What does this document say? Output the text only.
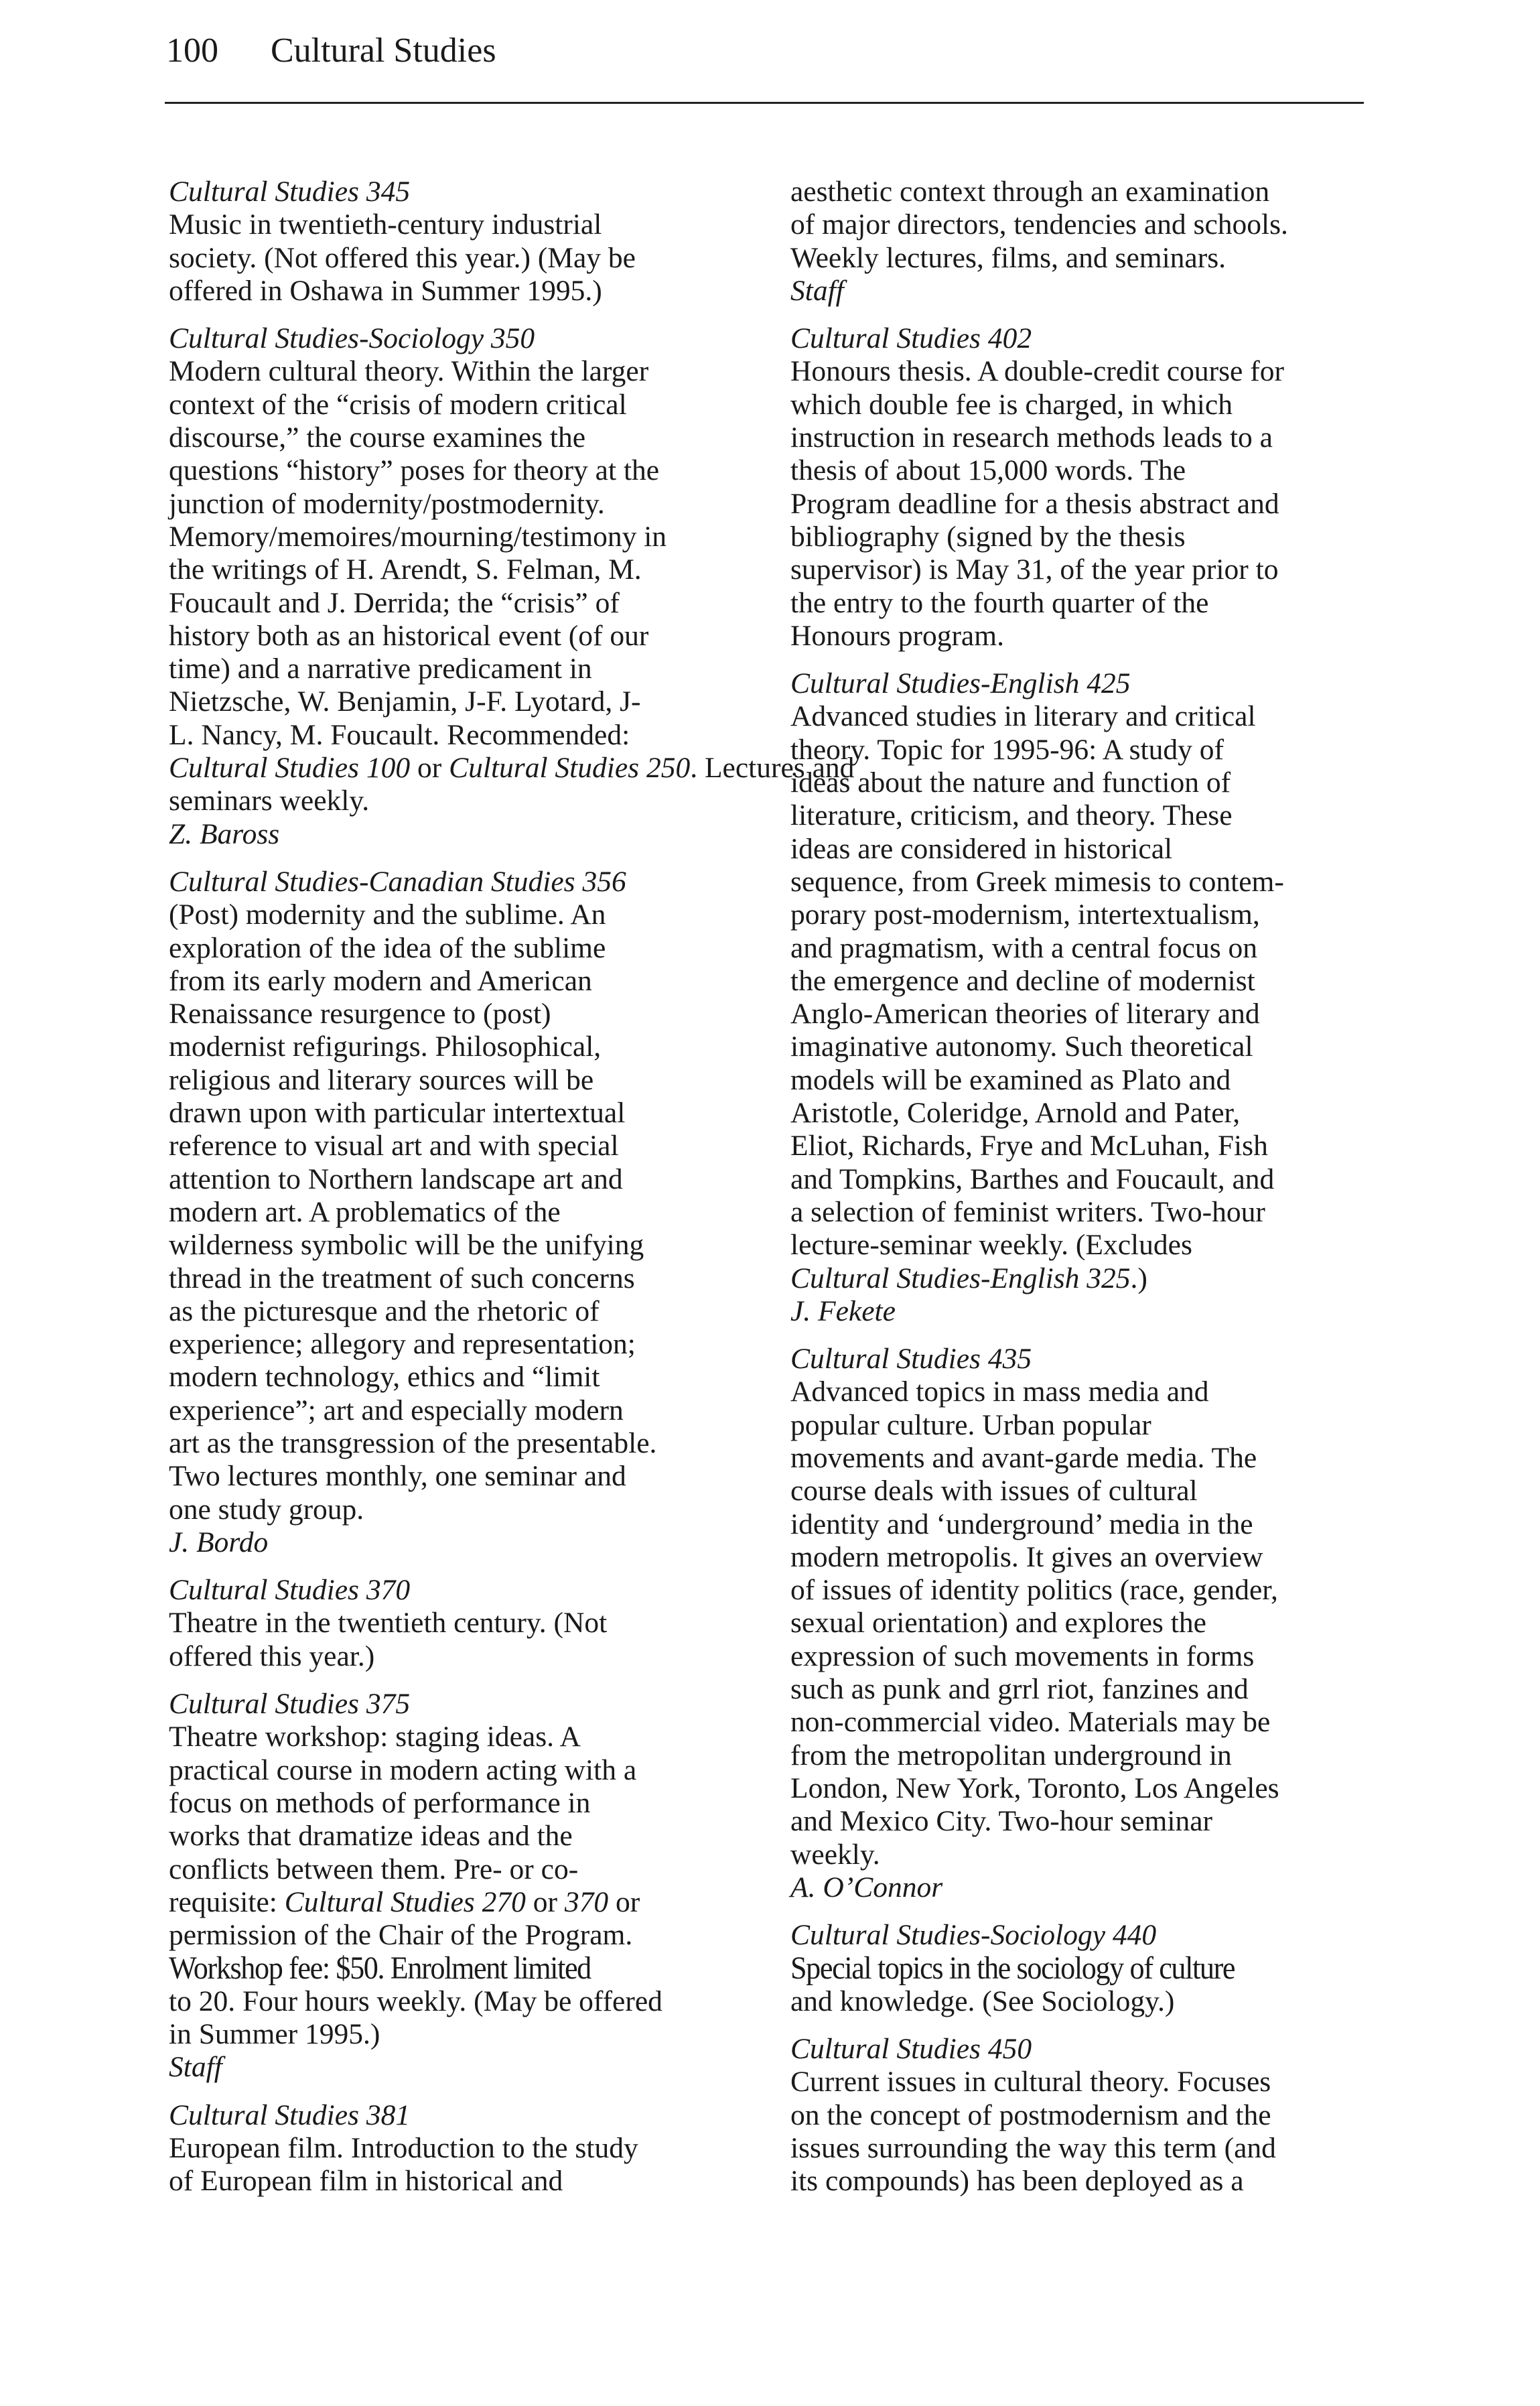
100 Cultural Studies

Cultural Studies 345

Music in twentieth-century industrial
society. (Not offered this year.) (May be
offered in Oshawa in Summer 1995.)

Cultural Studies-Sociology 350

Modern cultural theory. Within the larger
context of the “crisis of modern critical
discourse,” the course examines the
questions “history” poses for theory at the
junction of modernity/postmodernity.
Memory/memoires/mourning/testimony in
the writings of H. Arendt, S. Felman, M.
Foucault and J. Derrida; the “crisis” of
history both as an historical event (of our
time) and a narrative predicament in
Nietzsche, W. Benjamin, J-F. Lyotard, J-
L. Nancy, M. Foucault. Recommended:
Cultural Studies 100 or Cultural Studies 250. Lectures and
seminars weekly.

Z. Baross

Cultural Studies-Canadian Studies 356

(Post) modernity and the sublime. An
exploration of the idea of the sublime
from its early modern and American
Renaissance resurgence to (post)
modernist refigurings. Philosophical,
religious and literary sources will be
drawn upon with particular intertextual
reference to visual art and with special
attention to Northern landscape art and
modern art. A problematics of the
wilderness symbolic will be the unifying
thread in the treatment of such concerns
as the picturesque and the rhetoric of
experience; allegory and representation;
modern technology, ethics and “limit
experience”; art and especially modern
art as the transgression of the presentable.
Two lectures monthly, one seminar and
one study group.

J. Bordo

Cultural Studies 370

Theatre in the twentieth century. (Not
offered this year.)

Cultural Studies 375

Theatre workshop: staging ideas. A
practical course in modern acting with a
focus on methods of performance in
works that dramatize ideas and the
conflicts between them. Pre- or co-
requisite: Cultural Studies 270 or 370 or
permission of the Chair of the Program.
Workshop fee: $50. Enrolment limited
to 20. Four hours weekly. (May be offered
in Summer 1995.)

Staff

Cultural Studies 381

European film. Introduction to the study
of European film in historical and

aesthetic context through an examination
of major directors, tendencies and schools.
Weekly lectures, films, and seminars.

Staff

Cultural Studies 402

Honours thesis. A double-credit course for
which double fee is charged, in which
instruction in research methods leads to a
thesis of about 15,000 words. The
Program deadline for a thesis abstract and
bibliography (signed by the thesis
supervisor) is May 31, of the year prior to
the entry to the fourth quarter of the
Honours program.

Cultural Studies-English 425

Advanced studies in literary and critical
theory. Topic for 1995-96: A study of
ideas about the nature and function of
literature, criticism, and theory. These
ideas are considered in historical
sequence, from Greek mimesis to contem-
porary post-modernism, intertextualism,
and pragmatism, with a central focus on
the emergence and decline of modernist
Anglo-American theories of literary and
imaginative autonomy. Such theoretical
models will be examined as Plato and
Aristotle, Coleridge, Arnold and Pater,
Eliot, Richards, Frye and McLuhan, Fish
and Tompkins, Barthes and Foucault, and
a selection of feminist writers. Two-hour
lecture-seminar weekly. (Excludes
Cultural Studies-English 325.)

J. Fekete

Cultural Studies 435

Advanced topics in mass media and
popular culture. Urban popular
movements and avant-garde media. The
course deals with issues of cultural
identity and ‘underground’ media in the
modern metropolis. It gives an overview
of issues of identity politics (race, gender,
sexual orientation) and explores the
expression of such movements in forms
such as punk and grrl riot, fanzines and
non-commercial video. Materials may be
from the metropolitan underground in
London, New York, Toronto, Los Angeles
and Mexico City. Two-hour seminar
weekly.

A. O’Connor

Cultural Studies-Sociology 440

Special topics in the sociology of culture
and knowledge. (See Sociology.)

Cultural Studies 450

Current issues in cultural theory. Focuses
on the concept of postmodernism and the
issues surrounding the way this term (and
its compounds) has been deployed as a
